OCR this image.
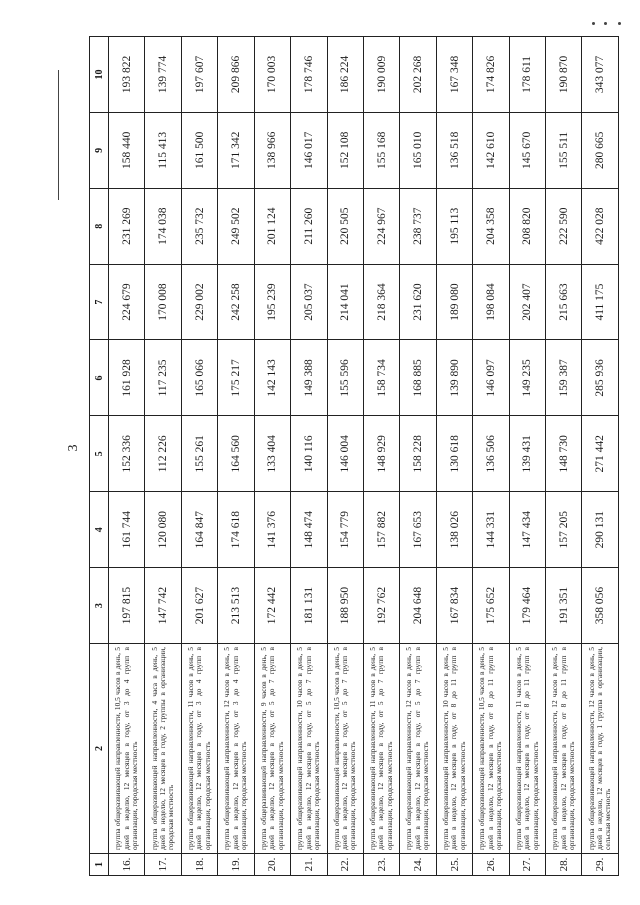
3
1	2	3	4	5	6	7	8	9	10
16.	группа общеразвивающей направленности, 10,5 часов в день, 5 дней в неделю, 12 месяцев в году, от 3 до 4 групп в организации, городская местность	197 815	161 744	152 336	161 928	224 679	231 269	158 440	193 822
17.	группа общеразвивающей направленности, 4 часа в день, 5 дней в неделю, 12 месяцев в году, 2 группы в организации, городская местность	147 742	120 080	112 226	117 235	170 008	174 038	115 413	139 774
18.	группа общеразвивающей направленности, 11 часов в день, 5 дней в неделю, 12 месяцев в году, от 3 до 4 групп в организации, городская местность	201 627	164 847	155 261	165 066	229 002	235 732	161 500	197 607
19.	группа общеразвивающей направленности, 12 часов в день, 5 дней в неделю, 12 месяцев в году, от 3 до 4 групп в организации, городская местность	213 513	174 618	164 560	175 217	242 258	249 502	171 342	209 866
20.	группа общеразвивающей направленности, 9 часов в день, 5 дней в неделю, 12 месяцев в году, от 5 до 7 групп в организации, городская местность	172 442	141 376	133 404	142 143	195 239	201 124	138 966	170 003
21.	группа общеразвивающей направленности, 10 часов в день, 5 дней в неделю, 12 месяцев в году, от 5 до 7 групп в организации, городская местность	181 131	148 474	140 116	149 388	205 037	211 260	146 017	178 746
22.	группа общеразвивающей направленности, 10,5 часов в день, 5 дней в неделю, 12 месяцев в году, от 5 до 7 групп в организации, городская местность	188 950	154 779	146 004	155 596	214 041	220 505	152 108	186 224
23.	группа общеразвивающей направленности, 11 часов в день, 5 дней в неделю, 12 месяцев в году, от 5 до 7 групп в организации, городская местность	192 762	157 882	148 929	158 734	218 364	224 967	155 168	190 009
24.	группа общеразвивающей направленности, 12 часов в день, 5 дней в неделю, 12 месяцев в году, от 5 до 7 групп в организации, городская местность	204 648	167 653	158 228	168 885	231 620	238 737	165 010	202 268
25.	группа общеразвивающей направленности, 10 часов в день, 5 дней в неделю, 12 месяцев в году, от 8 до 11 групп в организации, городская местность	167 834	138 026	130 618	139 890	189 080	195 113	136 518	167 348
26.	группа общеразвивающей направленности, 10,5 часов в день, 5 дней в неделю, 12 месяцев в году, от 8 до 11 групп в организации, городская местность	175 652	144 331	136 506	146 097	198 084	204 358	142 610	174 826
27.	группа общеразвивающей направленности, 11 часов в день, 5 дней в неделю, 12 месяцев в году, от 8 до 11 групп в организации, городская местность	179 464	147 434	139 431	149 235	202 407	208 820	145 670	178 611
28.	группа общеразвивающей направленности, 12 часов в день, 5 дней в неделю, 12 месяцев в году, от 8 до 11 групп в организации, городская местность	191 351	157 205	148 730	159 387	215 663	222 590	155 511	190 870
29.	группа общеразвивающей направленности, 12 часов в день, 5 дней в неделю, 12 месяцев в году, 1 группа в организации, сельская местность	358 056	290 131	271 442	285 936	411 175	422 028	280 665	343 077
